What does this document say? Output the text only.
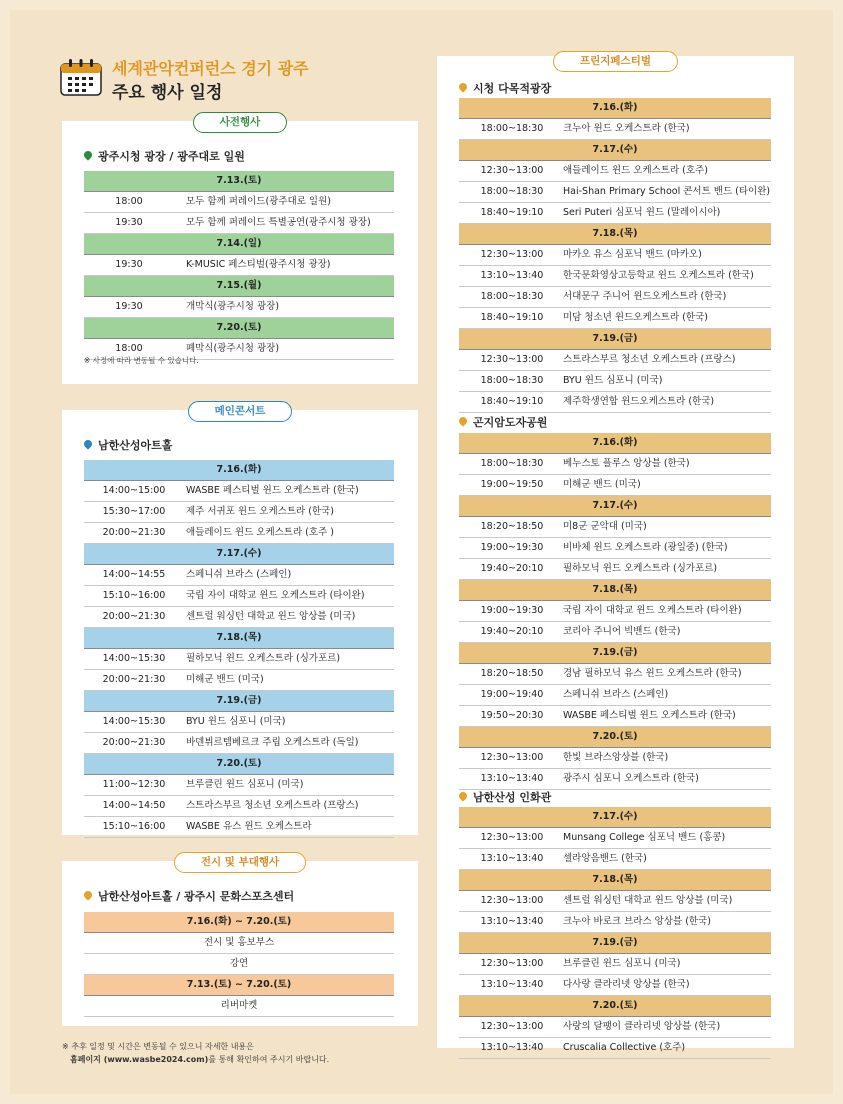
세계관악컨퍼런스 경기 광주
주요 행사 일정
사전행사
광주시청 광장 / 광주대로 일원
7.13.(토)
18:00	모두 함께 퍼레이드(광주대로 일원)
19:30	모두 함께 퍼레이드 특별공연(광주시청 광장)
7.14.(일)
19:30	K-MUSIC 페스티벌(광주시청 광장)
7.15.(월)
19:30	개막식(광주시청 광장)
7.20.(토)
18:00	폐막식(광주시청 광장)
※ 사정에 따라 변동될 수 있습니다.
메인콘서트
남한산성아트홀
7.16.(화)
14:00~15:00	WASBE 페스티벌 윈드 오케스트라 (한국)
15:30~17:00	제주 서귀포 윈드 오케스트라 (한국)
20:00~21:30	애들레이드 윈드 오케스트라 (호주 )
7.17.(수)
14:00~14:55	스페니쉬 브라스 (스페인)
15:10~16:00	국립 자이 대학교 윈드 오케스트라 (타이완)
20:00~21:30	센트럴 워싱턴 대학교 윈드 앙상블 (미국)
7.18.(목)
14:00~15:30	필하모닉 윈드 오케스트라 (싱가포르)
20:00~21:30	미해군 밴드 (미국)
7.19.(금)
14:00~15:30	BYU 윈드 심포니 (미국)
20:00~21:30	바덴뷔르템베르크 주립 오케스트라 (독일)
7.20.(토)
11:00~12:30	브루클린 윈드 심포니 (미국)
14:00~14:50	스트라스부르 청소년 오케스트라 (프랑스)
15:10~16:00	WASBE 유스 윈드 오케스트라
전시 및 부대행사
남한산성아트홀 / 광주시 문화스포츠센터
7.16.(화) ~ 7.20.(토)
전시 및 홍보부스
강연
7.13.(토) ~ 7.20.(토)
리버마켓
프린지페스티벌
시청 다목적광장
7.16.(화)
18:00~18:30	크누아 윈드 오케스트라 (한국)
7.17.(수)
12:30~13:00	애들레이드 윈드 오케스트라 (호주)
18:00~18:30	Hai-Shan Primary School 콘서트 밴드 (타이완)
18:40~19:10	Seri Puteri 심포닉 윈드 (말레이시아)
7.18.(목)
12:30~13:00	마카오 유스 심포닉 밴드 (마카오)
13:10~13:40	한국문화영상고등학교 윈드 오케스트라 (한국)
18:00~18:30	서대문구 주니어 윈드오케스트라 (한국)
18:40~19:10	미담 청소년 윈드오케스트라 (한국)
7.19.(금)
12:30~13:00	스트라스부르 청소년 오케스트라 (프랑스)
18:00~18:30	BYU 윈드 심포니 (미국)
18:40~19:10	제주학생연합 윈드오케스트라 (한국)
곤지암도자공원
7.16.(화)
18:00~18:30	베누스토 플루스 앙상블 (한국)
19:00~19:50	미해군 밴드 (미국)
7.17.(수)
18:20~18:50	미8군 군악대 (미국)
19:00~19:30	비바체 윈드 오케스트라 (광일중) (한국)
19:40~20:10	필하모닉 윈드 오케스트라 (싱가포르)
7.18.(목)
19:00~19:30	국립 자이 대학교 윈드 오케스트라 (타이완)
19:40~20:10	코리아 주니어 빅밴드 (한국)
7.19.(금)
18:20~18:50	경남 필하모닉 유스 윈드 오케스트라 (한국)
19:00~19:40	스페니쉬 브라스 (스페인)
19:50~20:30	WASBE 페스티벌 윈드 오케스트라 (한국)
7.20.(토)
12:30~13:00	한빛 브라스앙상블 (한국)
13:10~13:40	광주시 심포니 오케스트라 (한국)
남한산성 인화관
7.17.(수)
12:30~13:00	Munsang College 심포닉 밴드 (홍콩)
13:10~13:40	셀라앙음밴드 (한국)
7.18.(목)
12:30~13:00	센트럴 워싱턴 대학교 윈드 앙상블 (미국)
13:10~13:40	크누아 바로크 브라스 앙상블 (한국)
7.19.(금)
12:30~13:00	브루클린 윈드 심포니 (미국)
13:10~13:40	다사랑 클라리넷 앙상블 (한국)
7.20.(토)
12:30~13:00	사랑의 달팽이 클라리넷 앙상블 (한국)
13:10~13:40	Cruscalia Collective (호주)
※ 추후 일정 및 시간은 변동될 수 있으니 자세한 내용은
홈페이지 (www.wasbe2024.com)를 통해 확인하여 주시기 바랍니다.
